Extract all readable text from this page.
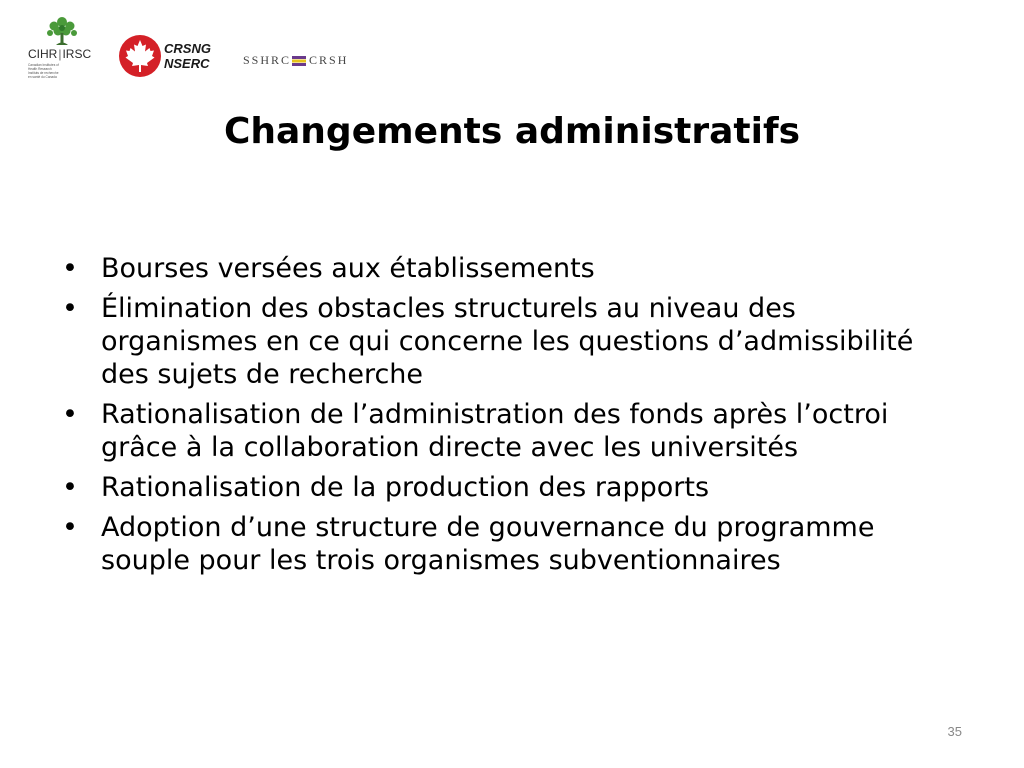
CIHR|IRSC
Canadian Institutes of
Health Research
Instituts de recherche
en santé du Canada
CRSNG
NSERC	SSHRC CRSH
Changements administratifs
• Bourses versées aux établissements
• Élimination des obstacles structurels au niveau des organismes en ce qui concerne les questions d’admissibilité des sujets de recherche
• Rationalisation de l’administration des fonds après l’octroi grâce à la collaboration directe avec les universités
• Rationalisation de la production des rapports
• Adoption d’une structure de gouvernance du programme souple pour les trois organismes subventionnaires
35
